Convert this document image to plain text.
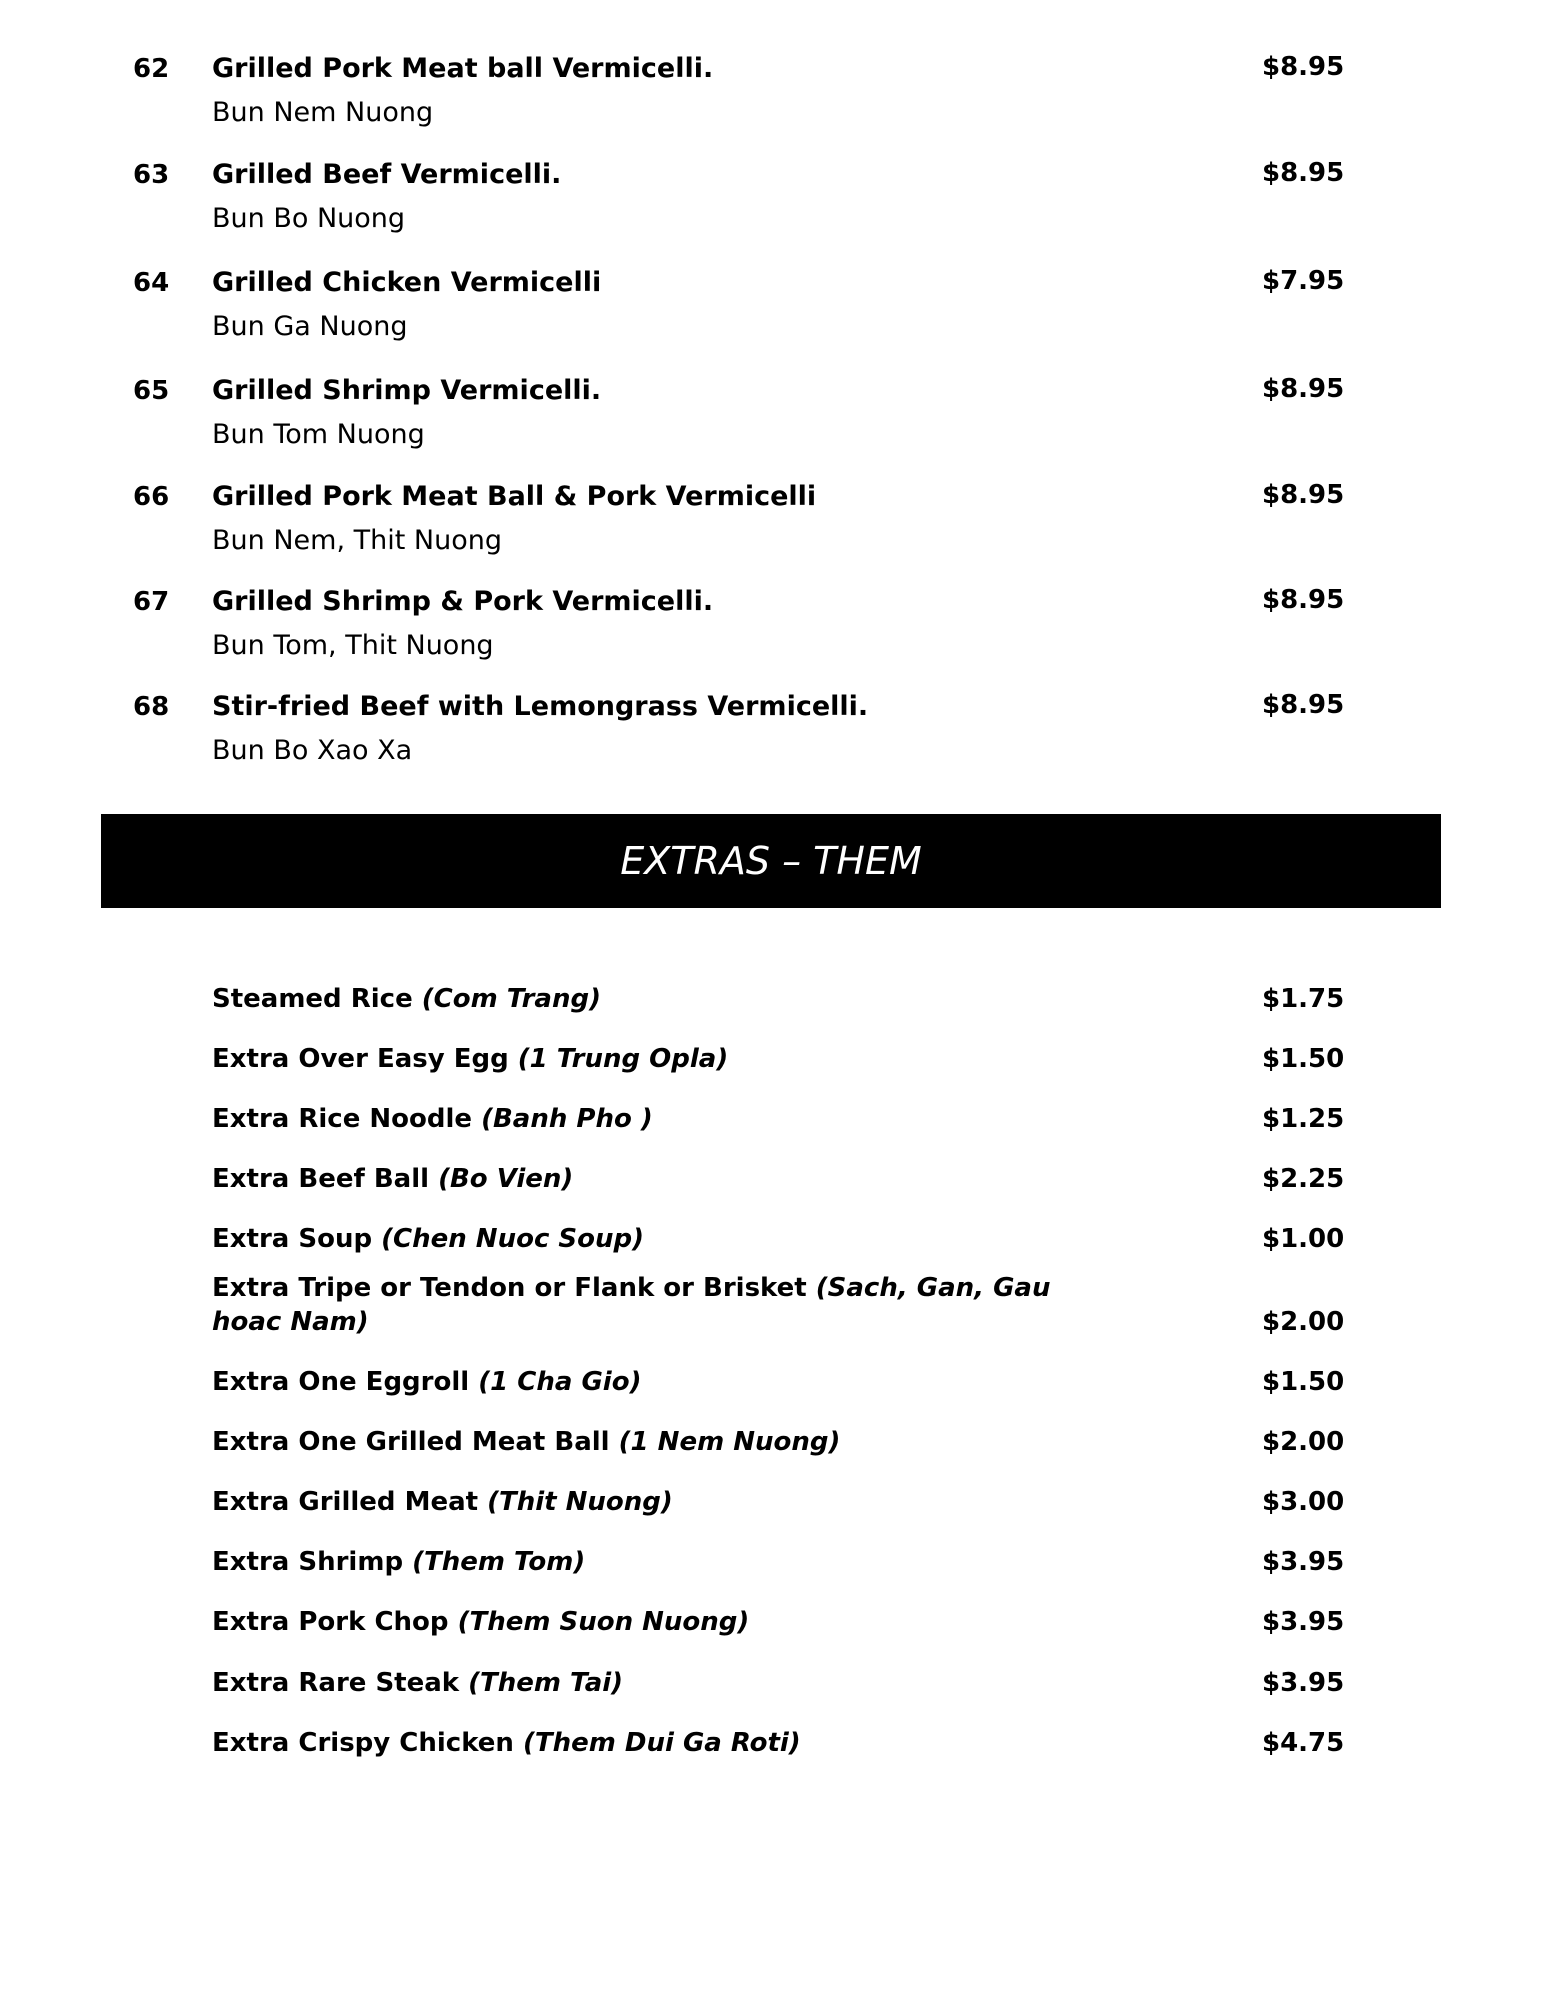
62 Grilled Pork Meat ball Vermicelli.
Bun Nem Nuong
$8.95
63 Grilled Beef Vermicelli.
Bun Bo Nuong
$8.95
64 Grilled Chicken Vermicelli
Bun Ga Nuong
$7.95
65 Grilled Shrimp Vermicelli.
Bun Tom Nuong
$8.95
66 Grilled Pork Meat Ball & Pork Vermicelli
Bun Nem, Thit Nuong
$8.95
67 Grilled Shrimp & Pork Vermicelli.
Bun Tom, Thit Nuong
$8.95
68 Stir-fried Beef with Lemongrass Vermicelli.
Bun Bo Xao Xa
$8.95
EXTRAS – THEM
Steamed Rice (Com Trang)	$1.75
Extra Over Easy Egg (1 Trung Opla)	$1.50
Extra Rice Noodle (Banh Pho )	$1.25
Extra Beef Ball (Bo Vien)	$2.25
Extra Soup (Chen Nuoc Soup)	$1.00
Extra Tripe or Tendon or Flank or Brisket (Sach, Gan, Gau hoac Nam)	$2.00
Extra One Eggroll (1 Cha Gio)	$1.50
Extra One Grilled Meat Ball (1 Nem Nuong)	$2.00
Extra Grilled Meat (Thit Nuong)	$3.00
Extra Shrimp (Them Tom)	$3.95
Extra Pork Chop (Them Suon Nuong)	$3.95
Extra Rare Steak (Them Tai)	$3.95
Extra Crispy Chicken (Them Dui Ga Roti)	$4.75
